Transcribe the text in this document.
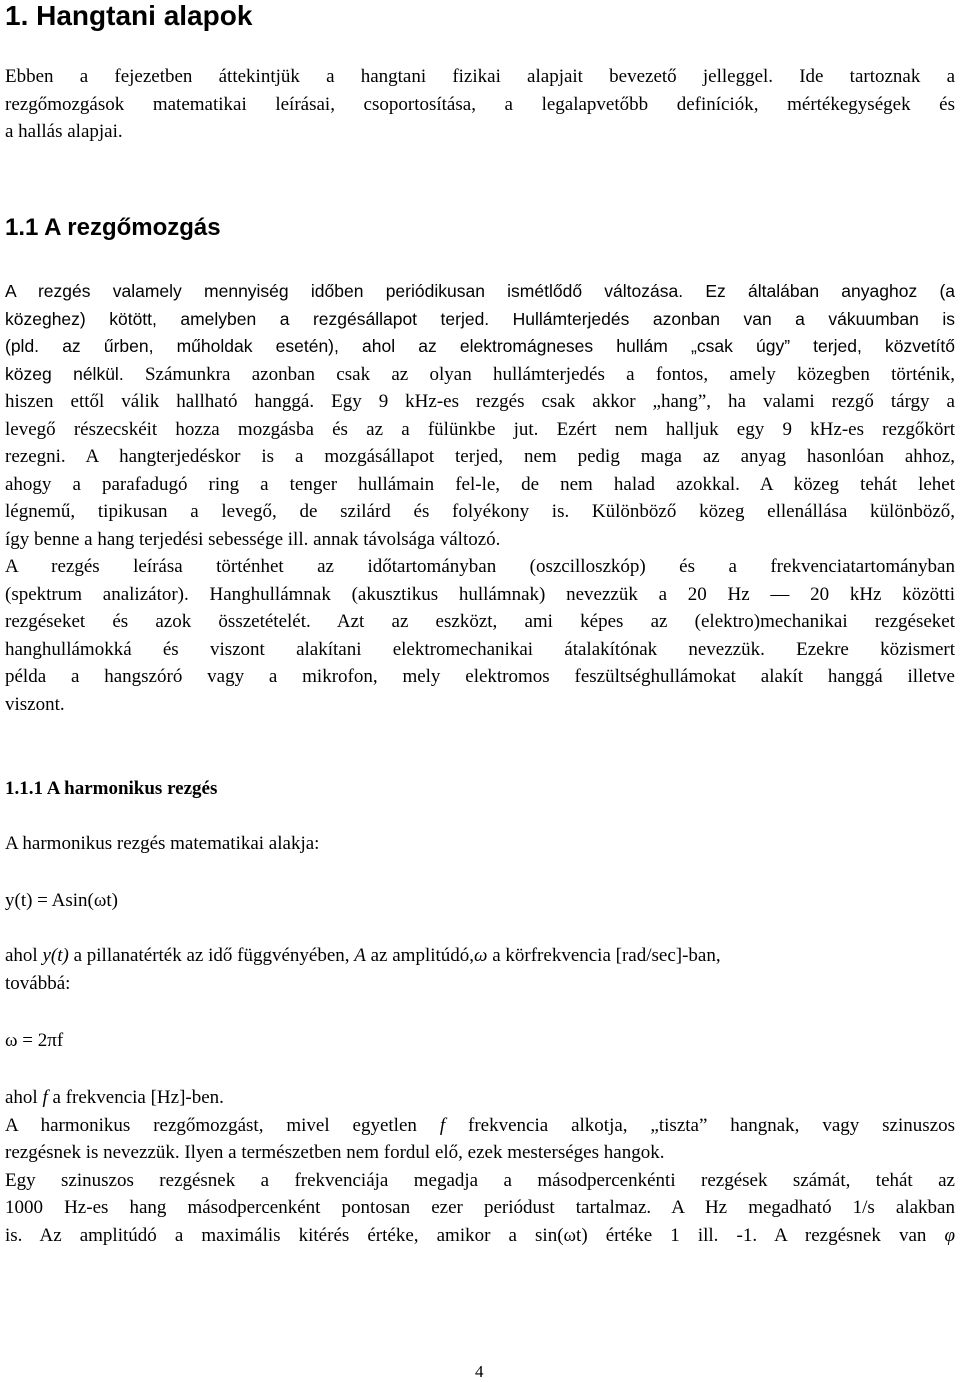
1. Hangtani alapok

Ebben a fejezetben áttekintjük a hangtani fizikai alapjait bevezető jelleggel. Ide tartoznak a
rezgőmozgások matematikai leírásai, csoportosítása, a legalapvetőbb definíciók, mértékegységek és
a hallás alapjai.

1.1 A rezgőmozgás

A rezgés valamely mennyiség időben periódikusan ismétlődő változása. Ez általában anyaghoz (a
közeghez) kötött, amelyben a rezgésállapot terjed. Hullámterjedés azonban van a vákuumban is
(pld. az űrben, műholdak esetén), ahol az elektromágneses hullám „csak úgy” terjed, közvetítő
közeg nélkül. Számunkra azonban csak az olyan hullámterjedés a fontos, amely közegben történik,
hiszen ettől válik hallható hanggá. Egy 9 kHz-es rezgés csak akkor „hang”, ha valami rezgő tárgy a
levegő részecskéit hozza mozgásba és az a fülünkbe jut. Ezért nem halljuk egy 9 kHz-es rezgőkört
rezegni. A hangterjedéskor is a mozgásállapot terjed, nem pedig maga az anyag hasonlóan ahhoz,
ahogy a parafadugó ring a tenger hullámain fel-le, de nem halad azokkal. A közeg tehát lehet
légnemű, tipikusan a levegő, de szilárd és folyékony is. Különböző közeg ellenállása különböző,
így benne a hang terjedési sebessége ill. annak távolsága változó.
A rezgés leírása történhet az időtartományban (oszcilloszkóp) és a frekvenciatartományban
(spektrum analizátor). Hanghullámnak (akusztikus hullámnak) nevezzük a 20 Hz — 20 kHz közötti
rezgéseket és azok összetételét. Azt az eszközt, ami képes az (elektro)mechanikai rezgéseket
hanghullámokká és viszont alakítani elektromechanikai átalakítónak nevezzük. Ezekre közismert
példa a hangszóró vagy a mikrofon, mely elektromos feszültséghullámokat alakít hanggá illetve
viszont.

1.1.1 A harmonikus rezgés

A harmonikus rezgés matematikai alakja:

y(t) = Asin(ωt)

ahol y(t) a pillanatérték az idő függvényében, A az amplitúdó,ω a körfrekvencia [rad/sec]-ban,
továbbá:

ω = 2πf

ahol f a frekvencia [Hz]-ben.
A harmonikus rezgőmozgást, mivel egyetlen f frekvencia alkotja, „tiszta” hangnak, vagy szinuszos
rezgésnek is nevezzük. Ilyen a természetben nem fordul elő, ezek mesterséges hangok.
Egy szinuszos rezgésnek a frekvenciája megadja a másodpercenkénti rezgések számát, tehát az
1000 Hz-es hang másodpercenként pontosan ezer periódust tartalmaz. A Hz megadható 1/s alakban
is. Az amplitúdó a maximális kitérés értéke, amikor a sin(ωt) értéke 1 ill. -1. A rezgésnek van φ

4
